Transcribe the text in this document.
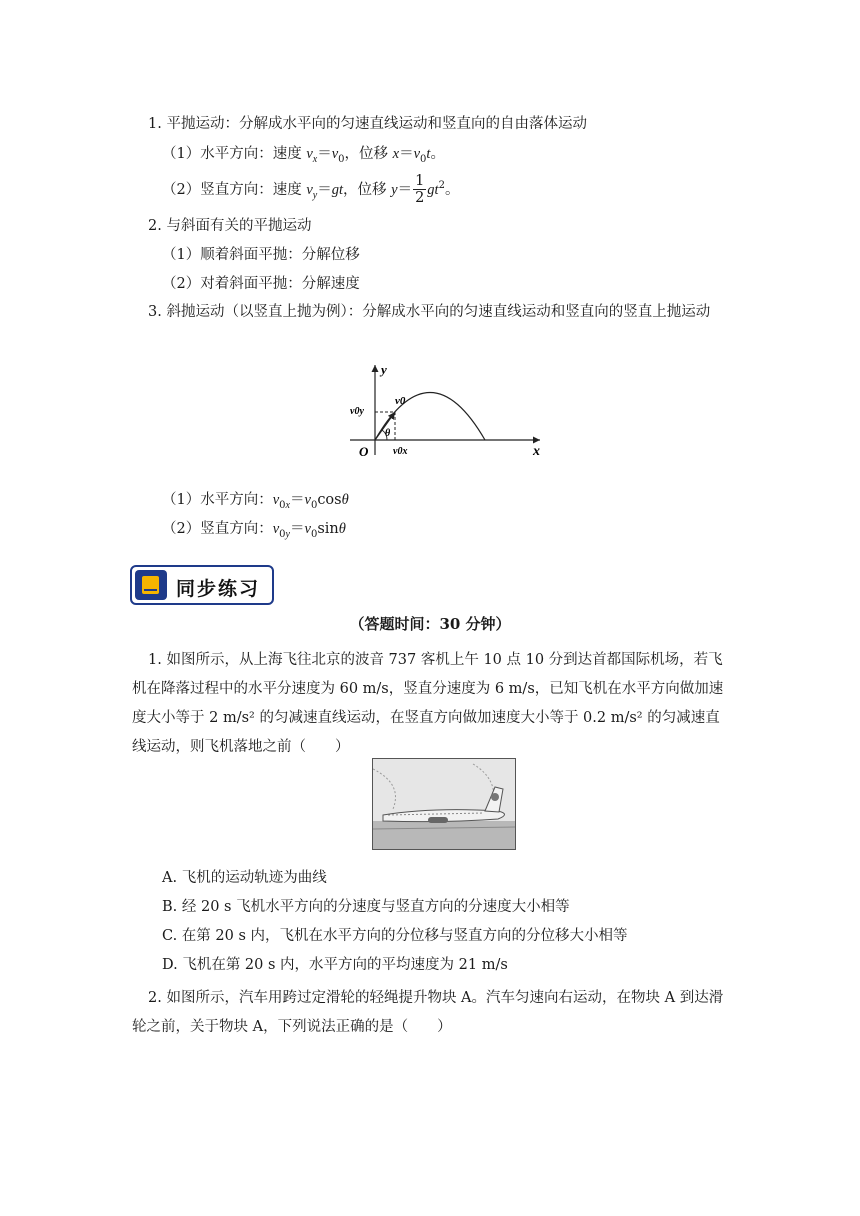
1. 平抛运动：分解成水平向的匀速直线运动和竖直向的自由落体运动
（1）水平方向：速度 $v_x=v_0$，位移 $x=v_0t$。
（2）竖直方向：速度 $v_y=gt$，位移 $y= \frac{1}{2} gt^2$。
2. 与斜面有关的平抛运动
（1）顺着斜面平抛：分解位移
（2）对着斜面平抛：分解速度
3. 斜抛运动（以竖直上抛为例）：分解成水平向的匀速直线运动和竖直向的竖直上抛运动
y
x
O
v0
v0y
v0x
θ
（1）水平方向：$v_{0x}=v_0\cos\theta$
（2）竖直方向：$v_{0y}=v_0\sin\theta$
同步练习
（答题时间：30 分钟）
1. 如图所示，从上海飞往北京的波音 737 客机上午 10 点 10 分到达首都国际机场，若飞机在降落过程中的水平分速度为 60 m/s，竖直分速度为 6 m/s，已知飞机在水平方向做加速度大小等于 2 m/s² 的匀减速直线运动，在竖直方向做加速度大小等于 0.2 m/s² 的匀减速直线运动，则飞机落地之前（　　）
A. 飞机的运动轨迹为曲线
B. 经 20 s 飞机水平方向的分速度与竖直方向的分速度大小相等
C. 在第 20 s 内，飞机在水平方向的分位移与竖直方向的分位移大小相等
D. 飞机在第 20 s 内，水平方向的平均速度为 21 m/s
2. 如图所示，汽车用跨过定滑轮的轻绳提升物块 A。汽车匀速向右运动，在物块 A 到达滑轮之前，关于物块 A，下列说法正确的是（　　）
